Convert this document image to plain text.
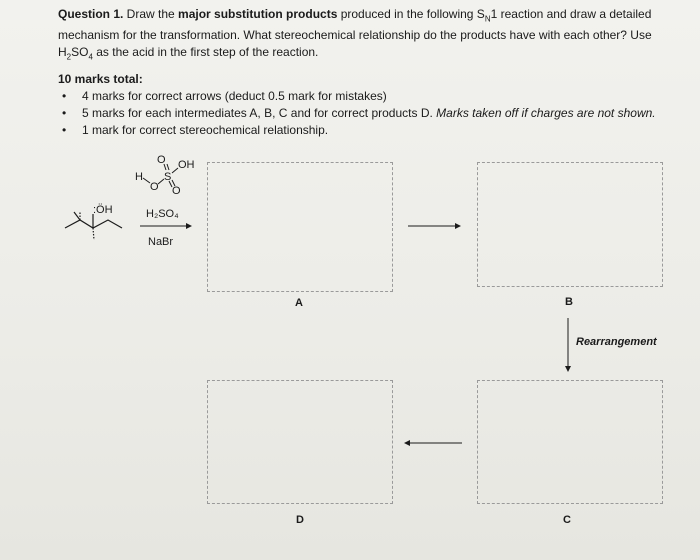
Question 1. Draw the major substitution products produced in the following $S_N1$ reaction and draw a detailed mechanism for the transformation. What stereochemical relationship do the products have with each other? Use $H_2SO_4$ as the acid in the first step of the reaction.
10 marks total:
• 4 marks for correct arrows (deduct 0.5 mark for mistakes)
• 5 marks for each intermediates A, B, C and for correct products D. Marks taken off if charges are not shown.
• 1 mark for correct stereochemical relationship.
H
O
S
O OH
O
:ÖH	H₂SO₄
NaBr
A	B
C
D
Rearrangement
